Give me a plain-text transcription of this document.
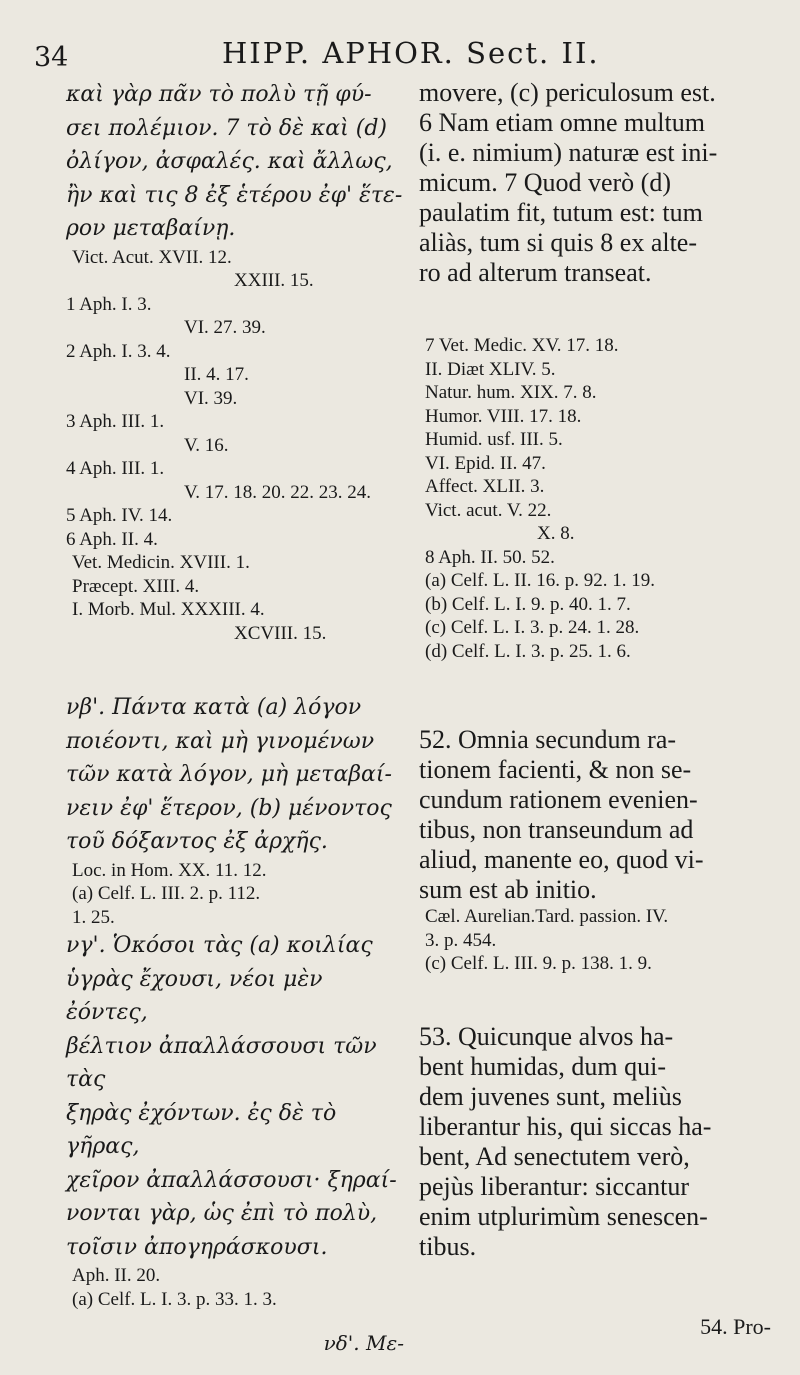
34	HIPP. APHOR. Sect. II.

καὶ γὰρ πᾶν τὸ πολὺ τῇ φύ-

σει πολέμιον. 7 τὸ δὲ καὶ (d)

ὀλίγον, ἀσφαλές. καὶ ἄλλως,

ἢν καὶ τις 8 ἐξ ἑτέρου ἐφ' ἕτε-

ρον μεταβαίνῃ.

Vict. Acut. XVII. 12.

XXIII. 15.

1 Aph. I. 3.

VI. 27. 39.

2 Aph. I. 3. 4.

II. 4. 17.

VI. 39.

3 Aph. III. 1.

V. 16.

4 Aph. III. 1.

V. 17. 18. 20. 22. 23. 24.

5 Aph. IV. 14.

6 Aph. II. 4.

Vet. Medicin. XVIII. 1.

Præcept. XIII. 4.

I. Morb. Mul. XXXIII. 4.

XCVIII. 15.

νβ'. Πάντα κατὰ (a) λόγον

ποιέοντι, καὶ μὴ γινομένων

τῶν κατὰ λόγον, μὴ μεταβαί-

νειν ἐφ' ἕτερον, (b) μένοντος

τοῦ δόξαντος ἐξ ἀρχῆς.

Loc. in Hom. XX. 11. 12.

(a) Celf. L. III. 2. p. 112.

1. 25.

νγ'. Ὁκόσοι τὰς (a) κοιλίας

ὑγρὰς ἔχουσι, νέοι μὲν ἐόντες,

βέλτιον ἀπαλλάσσουσι τῶν τὰς

ξηρὰς ἐχόντων. ἐς δὲ τὸ γῆρας,

χεῖρον ἀπαλλάσσουσι· ξηραί-

νονται γὰρ, ὡς ἐπὶ τὸ πολὺ,

τοῖσιν ἀπογηράσκουσι.

Aph. II. 20.

(a) Celf. L. I. 3. p. 33. 1. 3.

νδ'. Με-

movere, (c) periculosum est.

6 Nam etiam omne multum

(i. e. nimium) naturæ est ini-

micum. 7 Quod verò (d)

paulatim fit, tutum est: tum

aliàs, tum si quis 8 ex alte-

ro ad alterum transeat.

7 Vet. Medic. XV. 17. 18.

II. Diæt XLIV. 5.

Natur. hum. XIX. 7. 8.

Humor. VIII. 17. 18.

Humid. usf. III. 5.

VI. Epid. II. 47.

Affect. XLII. 3.

Vict. acut. V. 22.

X. 8.

8 Aph. II. 50. 52.

(a) Celf. L. II. 16. p. 92. 1. 19.

(b) Celf. L. I. 9. p. 40. 1. 7.

(c) Celf. L. I. 3. p. 24. 1. 28.

(d) Celf. L. I. 3. p. 25. 1. 6.

52. Omnia secundum ra-

tionem facienti, & non se-

cundum rationem evenien-

tibus, non transeundum ad

aliud, manente eo, quod vi-

sum est ab initio.

Cæl. Aurelian.Tard. passion. IV.

3. p. 454.

(c) Celf. L. III. 9. p. 138. 1. 9.

53. Quicunque alvos ha-

bent humidas, dum qui-

dem juvenes sunt, meliùs

liberantur his, qui siccas ha-

bent, Ad senectutem verò,

pejùs liberantur: siccantur

enim utplurimùm senescen-

tibus.

54. Pro-
